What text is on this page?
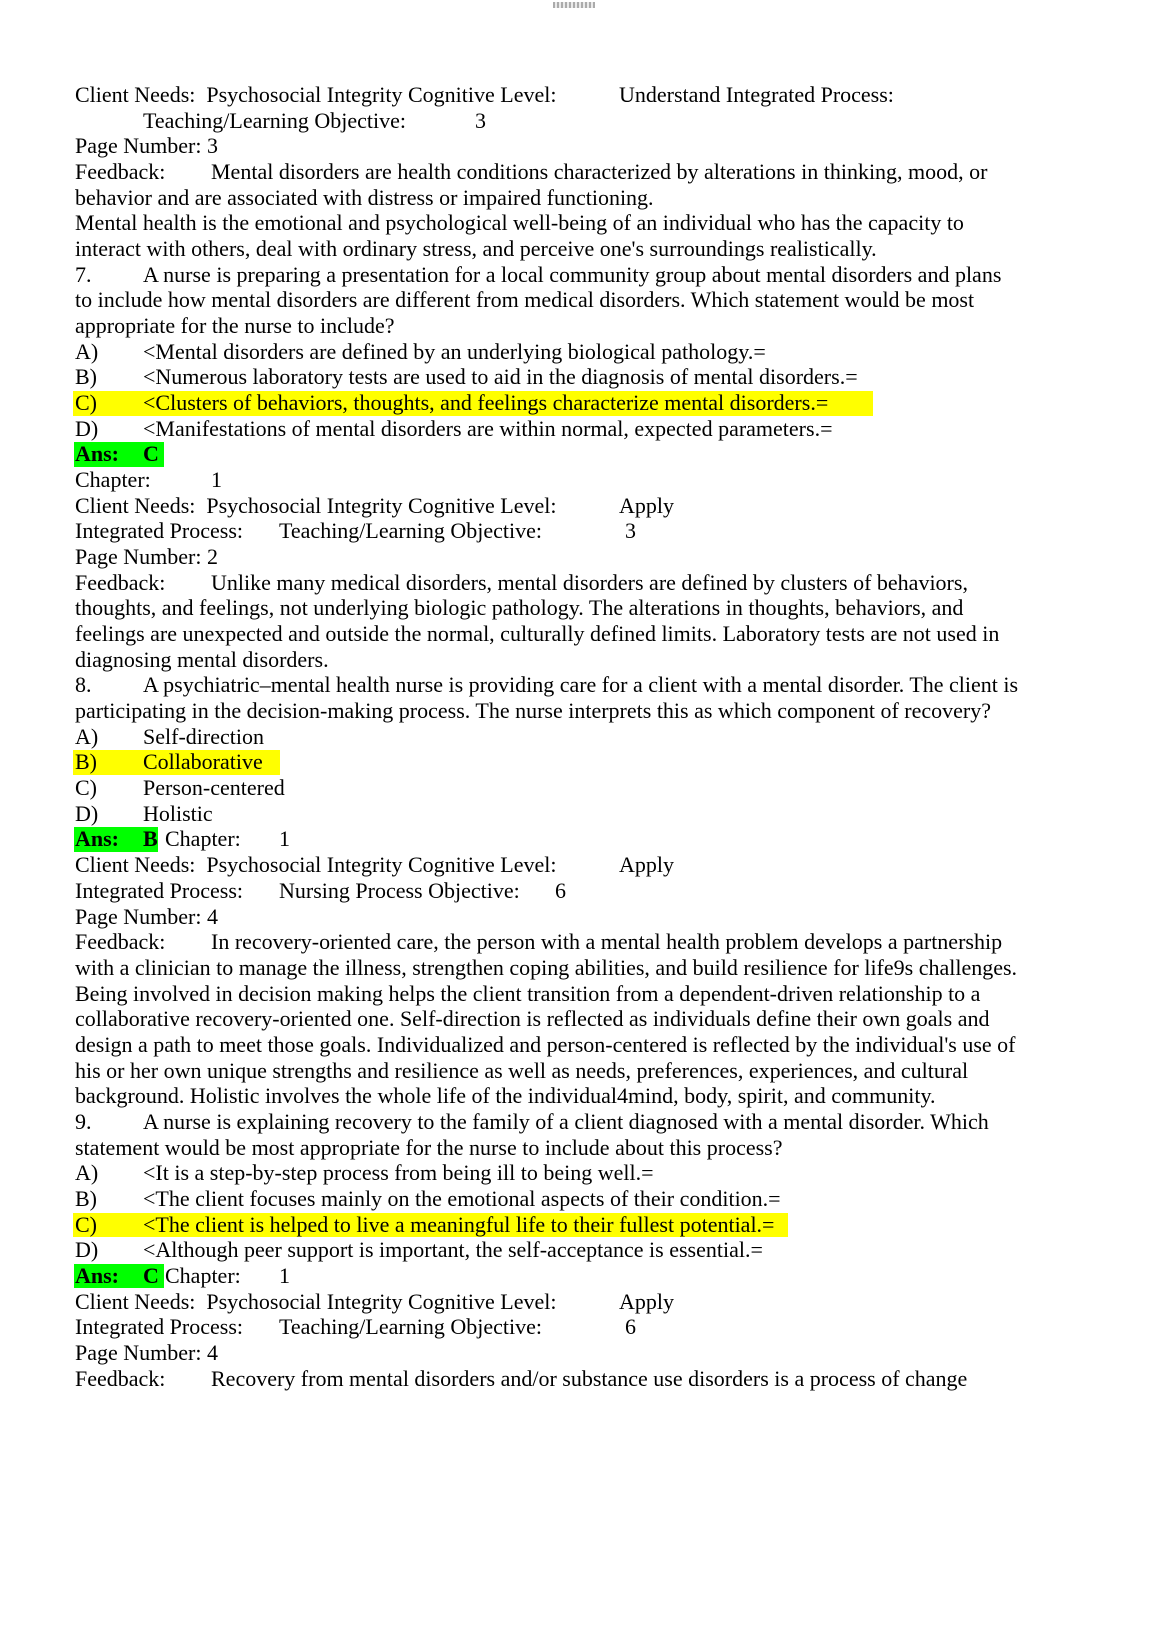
Client Needs:  Psychosocial Integrity Cognitive Level:	Understand Integrated Process:
Teaching/Learning Objective:	3
Page Number: 3
Feedback: Mental disorders are health conditions characterized by alterations in thinking, mood, or
behavior and are associated with distress or impaired functioning.
Mental health is the emotional and psychological well-being of an individual who has the capacity to
interact with others, deal with ordinary stress, and perceive one's surroundings realistically.
7. A nurse is preparing a presentation for a local community group about mental disorders and plans
to include how mental disorders are different from medical disorders. Which statement would be most
appropriate for the nurse to include?
A) <Mental disorders are defined by an underlying biological pathology.=
B) <Numerous laboratory tests are used to aid in the diagnosis of mental disorders.=
C) <Clusters of behaviors, thoughts, and feelings characterize mental disorders.=
D) <Manifestations of mental disorders are within normal, expected parameters.=
Ans: C
Chapter:	1
Client Needs:  Psychosocial Integrity Cognitive Level:	Apply
Integrated Process: Teaching/Learning Objective:	3
Page Number: 2
Feedback: Unlike many medical disorders, mental disorders are defined by clusters of behaviors,
thoughts, and feelings, not underlying biologic pathology. The alterations in thoughts, behaviors, and
feelings are unexpected and outside the normal, culturally defined limits. Laboratory tests are not used in
diagnosing mental disorders.
8. A psychiatric–mental health nurse is providing care for a client with a mental disorder. The client is
participating in the decision-making process. The nurse interprets this as which component of recovery?
A) Self-direction
B) Collaborative
C) Person-centered
D) Holistic
Ans: B Chapter: 1
Client Needs:  Psychosocial Integrity Cognitive Level:	Apply
Integrated Process: Nursing Process Objective: 6
Page Number: 4
Feedback: In recovery-oriented care, the person with a mental health problem develops a partnership
with a clinician to manage the illness, strengthen coping abilities, and build resilience for life9s challenges.
Being involved in decision making helps the client transition from a dependent-driven relationship to a
collaborative recovery-oriented one. Self-direction is reflected as individuals define their own goals and
design a path to meet those goals. Individualized and person-centered is reflected by the individual's use of
his or her own unique strengths and resilience as well as needs, preferences, experiences, and cultural
background. Holistic involves the whole life of the individual4mind, body, spirit, and community.
9. A nurse is explaining recovery to the family of a client diagnosed with a mental disorder. Which
statement would be most appropriate for the nurse to include about this process?
A) <It is a step-by-step process from being ill to being well.=
B) <The client focuses mainly on the emotional aspects of their condition.=
C) <The client is helped to live a meaningful life to their fullest potential.=
D) <Although peer support is important, the self-acceptance is essential.=
Ans: C Chapter: 1
Client Needs:  Psychosocial Integrity Cognitive Level:	Apply
Integrated Process: Teaching/Learning Objective:	6
Page Number: 4
Feedback: Recovery from mental disorders and/or substance use disorders is a process of change
